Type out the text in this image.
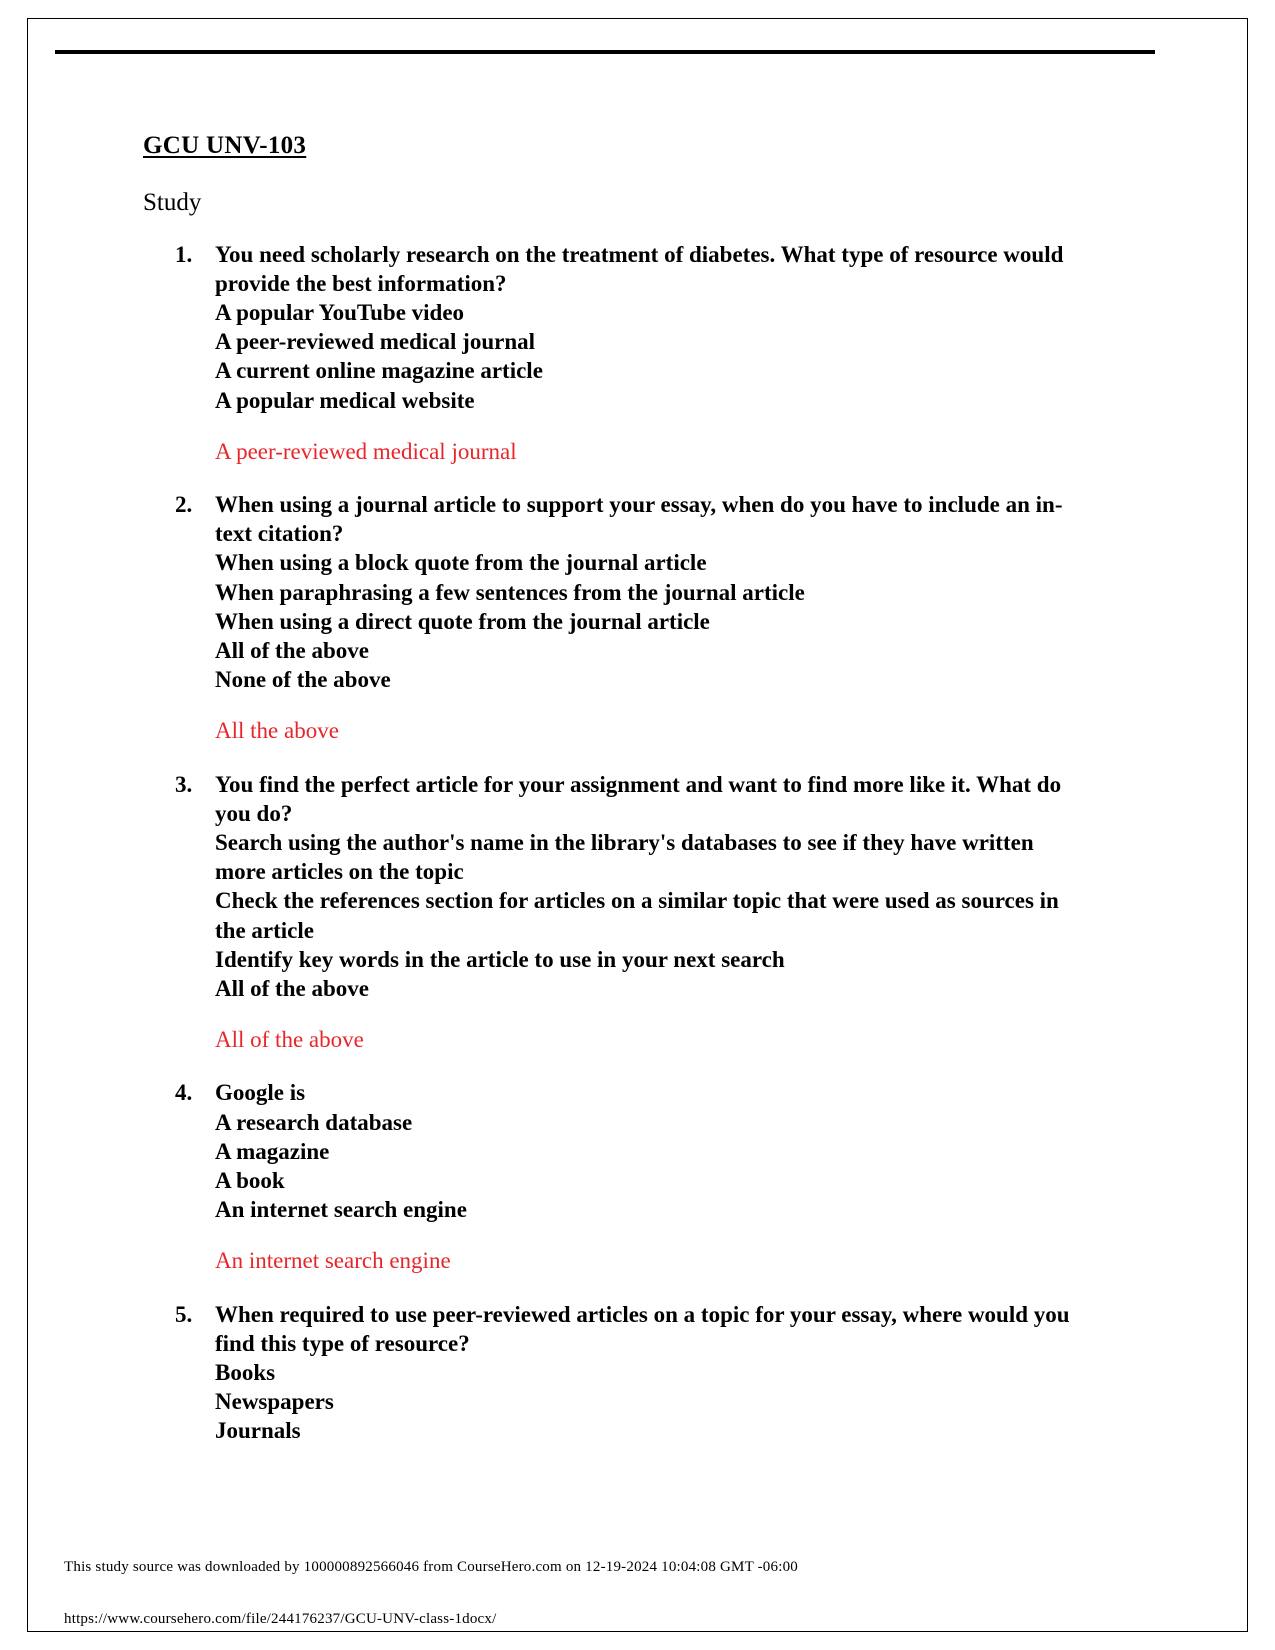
GCU UNV-103
Study

You need scholarly research on the treatment of diabetes. What type of resource would provide the best information?

A popular YouTube video
A peer-reviewed medical journal
A current online magazine article
A popular medical website

A peer-reviewed medical journal

When using a journal article to support your essay, when do you have to include an in-text citation?

When using a block quote from the journal article
When paraphrasing a few sentences from the journal article
When using a direct quote from the journal article
All of the above
None of the above

All the above

You find the perfect article for your assignment and want to find more like it. What do you do?

Search using the author's name in the library's databases to see if they have written more articles on the topic
Check the references section for articles on a similar topic that were used as sources in the article
Identify key words in the article to use in your next search
All of the above

All of the above

Google is

A research database
A magazine
A book
An internet search engine

An internet search engine

When required to use peer-reviewed articles on a topic for your essay, where would you find this type of resource?

Books
Newspapers
Journals
This study source was downloaded by 100000892566046 from CourseHero.com on 12-19-2024 10:04:08 GMT -06:00
https://www.coursehero.com/file/244176237/GCU-UNV-class-1docx/
